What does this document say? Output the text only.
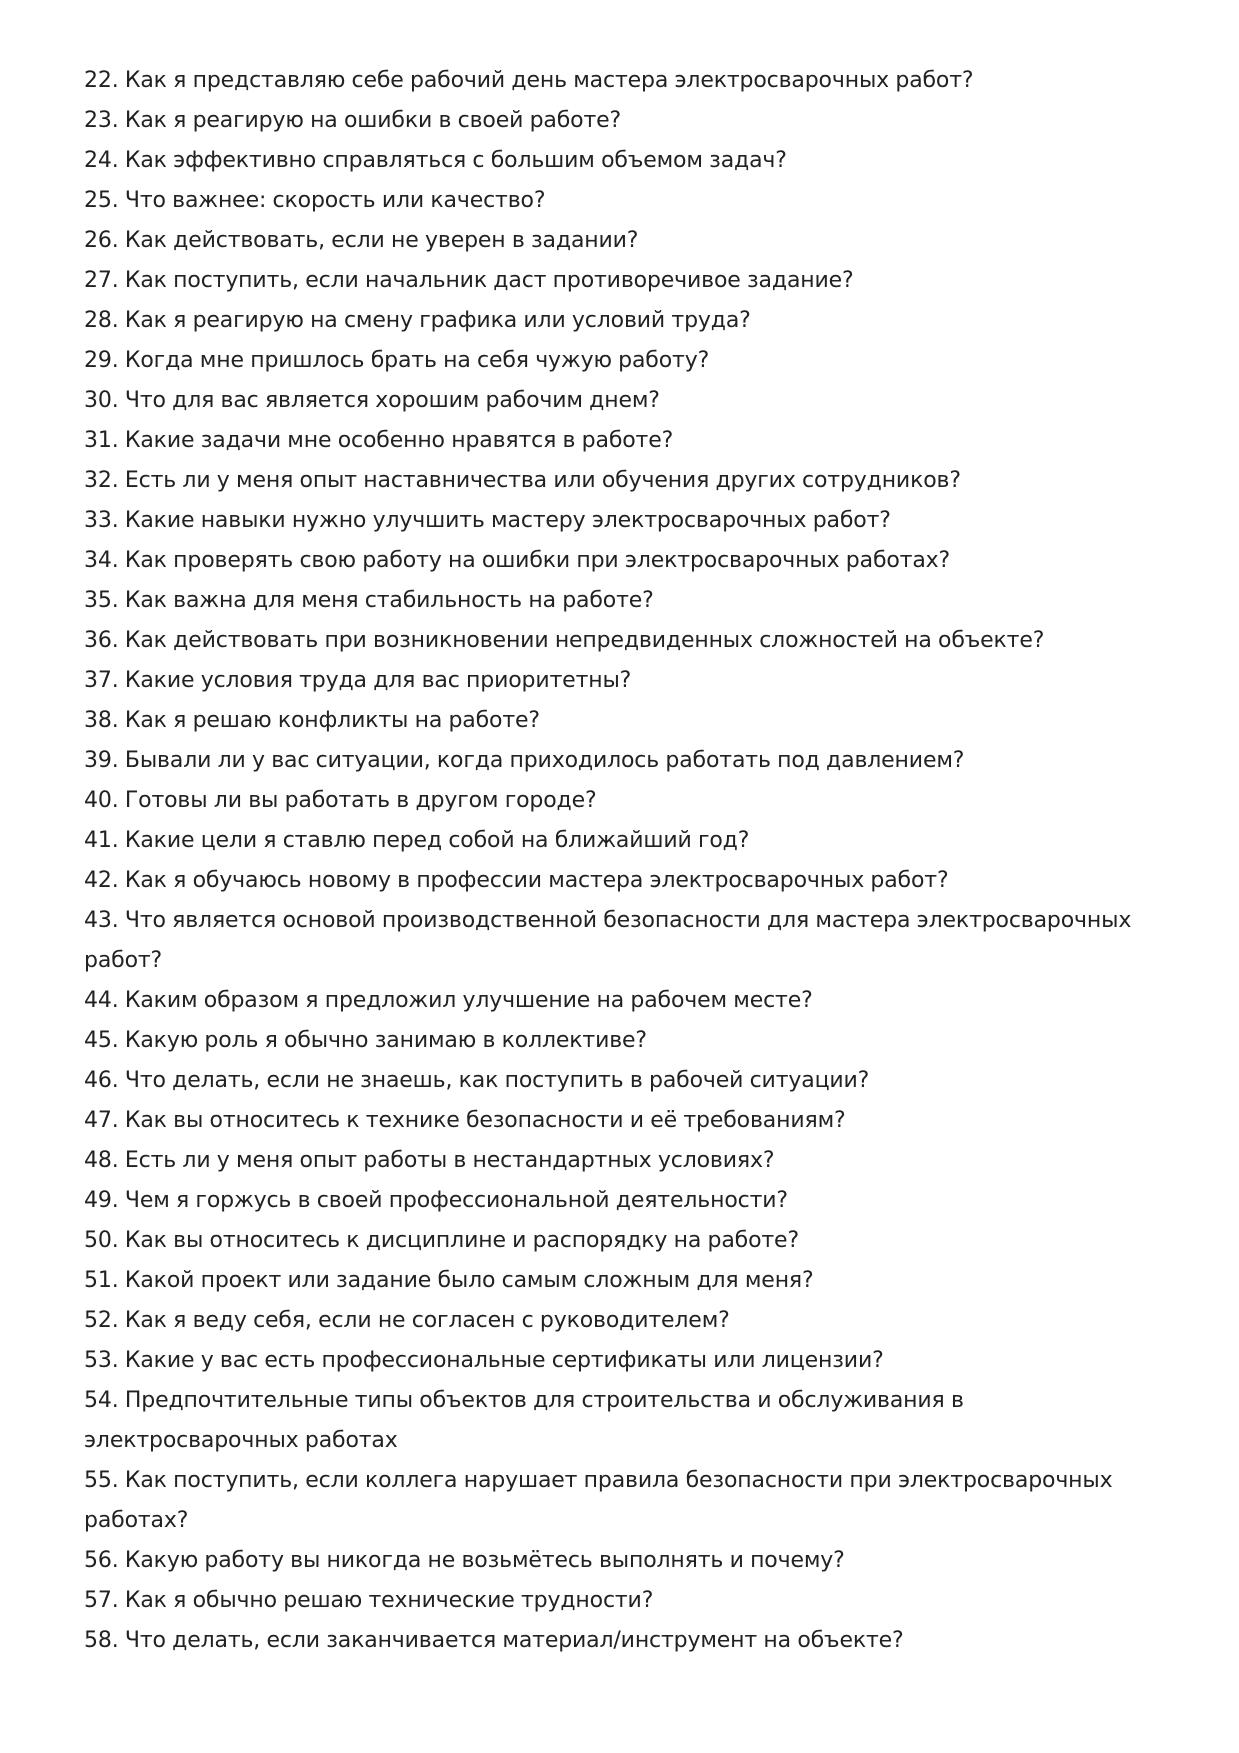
22. Как я представляю себе рабочий день мастера электросварочных работ?
23. Как я реагирую на ошибки в своей работе?
24. Как эффективно справляться с большим объемом задач?
25. Что важнее: скорость или качество?
26. Как действовать, если не уверен в задании?
27. Как поступить, если начальник даст противоречивое задание?
28. Как я реагирую на смену графика или условий труда?
29. Когда мне пришлось брать на себя чужую работу?
30. Что для вас является хорошим рабочим днем?
31. Какие задачи мне особенно нравятся в работе?
32. Есть ли у меня опыт наставничества или обучения других сотрудников?
33. Какие навыки нужно улучшить мастеру электросварочных работ?
34. Как проверять свою работу на ошибки при электросварочных работах?
35. Как важна для меня стабильность на работе?
36. Как действовать при возникновении непредвиденных сложностей на объекте?
37. Какие условия труда для вас приоритетны?
38. Как я решаю конфликты на работе?
39. Бывали ли у вас ситуации, когда приходилось работать под давлением?
40. Готовы ли вы работать в другом городе?
41. Какие цели я ставлю перед собой на ближайший год?
42. Как я обучаюсь новому в профессии мастера электросварочных работ?
43. Что является основой производственной безопасности для мастера электросварочных работ?
44. Каким образом я предложил улучшение на рабочем месте?
45. Какую роль я обычно занимаю в коллективе?
46. Что делать, если не знаешь, как поступить в рабочей ситуации?
47. Как вы относитесь к технике безопасности и её требованиям?
48. Есть ли у меня опыт работы в нестандартных условиях?
49. Чем я горжусь в своей профессиональной деятельности?
50. Как вы относитесь к дисциплине и распорядку на работе?
51. Какой проект или задание было самым сложным для меня?
52. Как я веду себя, если не согласен с руководителем?
53. Какие у вас есть профессиональные сертификаты или лицензии?
54. Предпочтительные типы объектов для строительства и обслуживания в электросварочных работах
55. Как поступить, если коллега нарушает правила безопасности при электросварочных работах?
56. Какую работу вы никогда не возьмётесь выполнять и почему?
57. Как я обычно решаю технические трудности?
58. Что делать, если заканчивается материал/инструмент на объекте?
